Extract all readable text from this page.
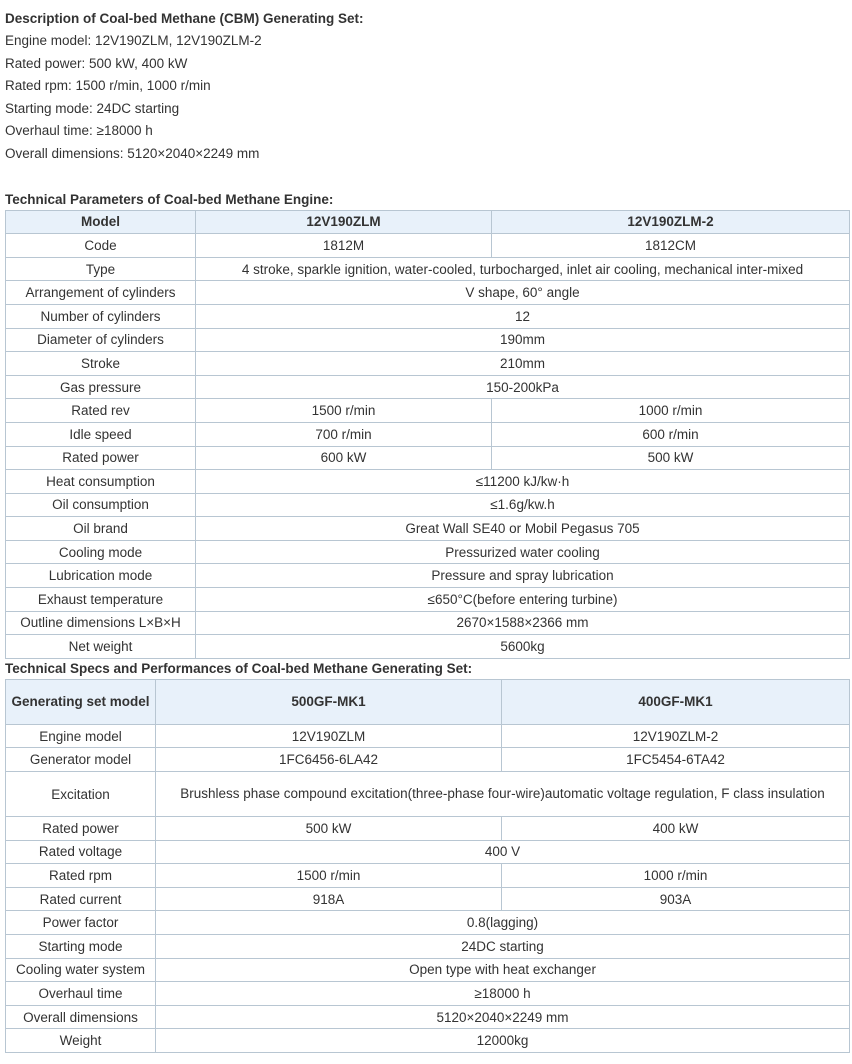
Description of Coal-bed Methane (CBM) Generating Set:

Engine model: 12V190ZLM, 12V190ZLM-2

Rated power: 500 kW, 400 kW

Rated rpm: 1500 r/min, 1000 r/min

Starting mode: 24DC starting

Overhaul time: ≥18000 h

Overall dimensions: 5120×2040×2249 mm

Technical Parameters of Coal-bed Methane Engine:

Model	12V190ZLM	12V190ZLM-2
Code	1812M	1812CM
Type	4 stroke, sparkle ignition, water-cooled, turbocharged, inlet air cooling, mechanical inter-mixed	
Arrangement of cylinders	V shape, 60° angle	
Number of cylinders	12	
Diameter of cylinders	190mm	
Stroke	210mm	
Gas pressure	150-200kPa	
Rated rev	1500 r/min	1000 r/min
Idle speed	700 r/min	600 r/min
Rated power	600 kW	500 kW
Heat consumption	≤11200 kJ/kw·h	
Oil consumption	≤1.6g/kw.h	
Oil brand	Great Wall SE40 or Mobil Pegasus 705	
Cooling mode	Pressurized water cooling	
Lubrication mode	Pressure and spray lubrication	
Exhaust temperature	≤650°C(before entering turbine)	
Outline dimensions L×B×H	2670×1588×2366 mm	
Net weight	5600kg	

Technical Specs and Performances of Coal-bed Methane Generating Set:

Generating set model	500GF-MK1	400GF-MK1
Engine model	12V190ZLM	12V190ZLM-2
Generator model	1FC6456-6LA42	1FC5454-6TA42
Excitation	Brushless phase compound excitation(three-phase four-wire)automatic voltage regulation, F class insulation	
Rated power	500 kW	400 kW
Rated voltage	400 V	
Rated rpm	1500 r/min	1000 r/min
Rated current	918A	903A
Power factor	0.8(lagging)	
Starting mode	24DC starting	
Cooling water system	Open type with heat exchanger	
Overhaul time	≥18000 h	
Overall dimensions	5120×2040×2249 mm	
Weight	12000kg	
